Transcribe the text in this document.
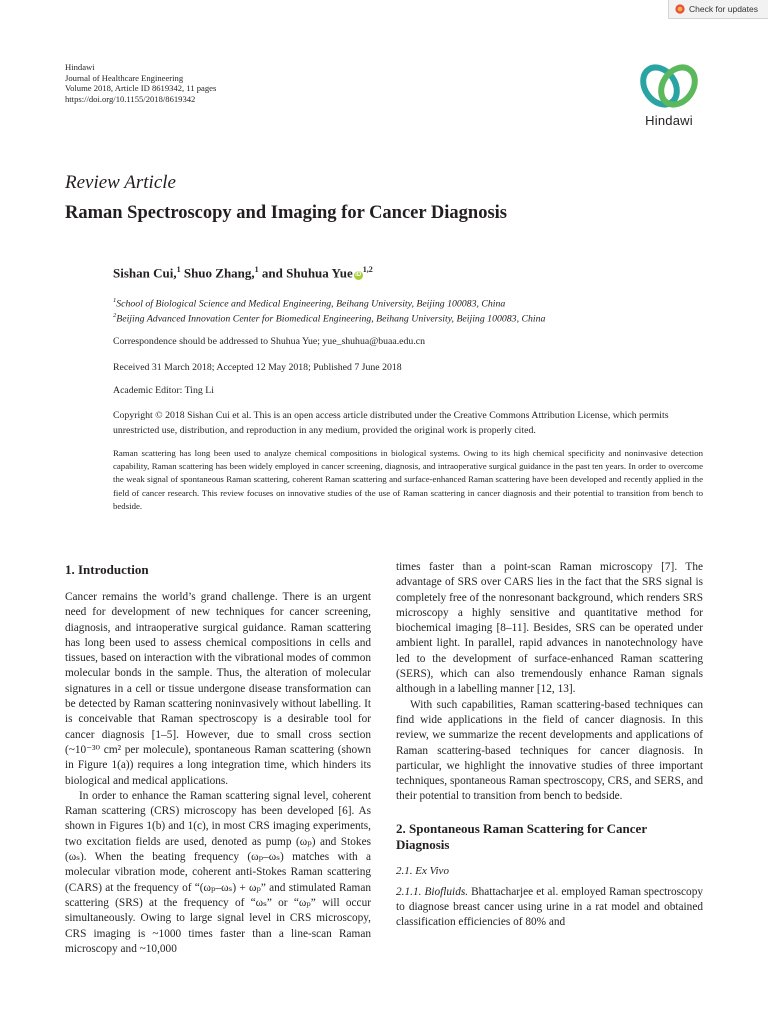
Check for updates
Hindawi
Journal of Healthcare Engineering
Volume 2018, Article ID 8619342, 11 pages
https://doi.org/10.1155/2018/8619342
Hindawi
Review Article
Raman Spectroscopy and Imaging for Cancer Diagnosis
Sishan Cui,$^1$ Shuo Zhang,$^1$ and Shuhua Yue iD$^{1,2}$
$^1$School of Biological Science and Medical Engineering, Beihang University, Beijing 100083, China
$^2$Beijing Advanced Innovation Center for Biomedical Engineering, Beihang University, Beijing 100083, China
Correspondence should be addressed to Shuhua Yue; yue_shuhua@buaa.edu.cn
Received 31 March 2018; Accepted 12 May 2018; Published 7 June 2018
Academic Editor: Ting Li
Copyright © 2018 Sishan Cui et al. This is an open access article distributed under the Creative Commons Attribution License, which permits unrestricted use, distribution, and reproduction in any medium, provided the original work is properly cited.
Raman scattering has long been used to analyze chemical compositions in biological systems. Owing to its high chemical specificity and noninvasive detection capability, Raman scattering has been widely employed in cancer screening, diagnosis, and intraoperative surgical guidance in the past ten years. In order to overcome the weak signal of spontaneous Raman scattering, coherent Raman scattering and surface-enhanced Raman scattering have been developed and recently applied in the field of cancer research. This review focuses on innovative studies of the use of Raman scattering in cancer diagnosis and their potential to transition from bench to bedside.
1. Introduction

Cancer remains the world’s grand challenge. There is an urgent need for development of new techniques for cancer screening, diagnosis, and intraoperative surgical guidance. Raman scattering has long been used to assess chemical compositions in cells and tissues, based on interaction with the vibrational modes of common molecular bonds in the sample. Thus, the alteration of molecular signatures in a cell or tissue undergone disease transformation can be detected by Raman scattering noninvasively without labelling. It is conceivable that Raman spectroscopy is a desirable tool for cancer diagnosis [1–5]. However, due to small cross section (~10⁻³⁰ cm² per molecule), spontaneous Raman scattering (shown in Figure 1(a)) requires a long integration time, which hinders its biological and medical applications.

In order to enhance the Raman scattering signal level, coherent Raman scattering (CRS) microscopy has been developed [6]. As shown in Figures 1(b) and 1(c), in most CRS imaging experiments, two excitation fields are used, denoted as pump (ωₚ) and Stokes (ωₛ). When the beating frequency (ωₚ–ωₛ) matches with a molecular vibration mode, coherent anti-Stokes Raman scattering (CARS) at the frequency of “(ωₚ–ωₛ) + ωₚ” and stimulated Raman scattering (SRS) at the frequency of “ωₛ” or “ωₚ” will occur simultaneously. Owing to large signal level in CRS microscopy, CRS imaging is ~1000 times faster than a line-scan Raman microscopy and ~10,000

times faster than a point-scan Raman microscopy [7]. The advantage of SRS over CARS lies in the fact that the SRS signal is completely free of the nonresonant background, which renders SRS microscopy a highly sensitive and quantitative method for biochemical imaging [8–11]. Besides, SRS can be operated under ambient light. In parallel, rapid advances in nanotechnology have led to the development of surface-enhanced Raman scattering (SERS), which can also tremendously enhance Raman signals although in a labelling manner [12, 13].

With such capabilities, Raman scattering-based techniques can find wide applications in the field of cancer diagnosis. In this review, we summarize the recent developments and applications of Raman scattering-based techniques for cancer diagnosis. In particular, we highlight the innovative studies of three important techniques, spontaneous Raman spectroscopy, CRS, and SERS, and their potential to transition from bench to bedside.

2. Spontaneous Raman Scattering for Cancer Diagnosis
2.1. Ex Vivo

2.1.1. Biofluids. Bhattacharjee et al. employed Raman spectroscopy to diagnose breast cancer using urine in a rat model and obtained classification efficiencies of 80% and
